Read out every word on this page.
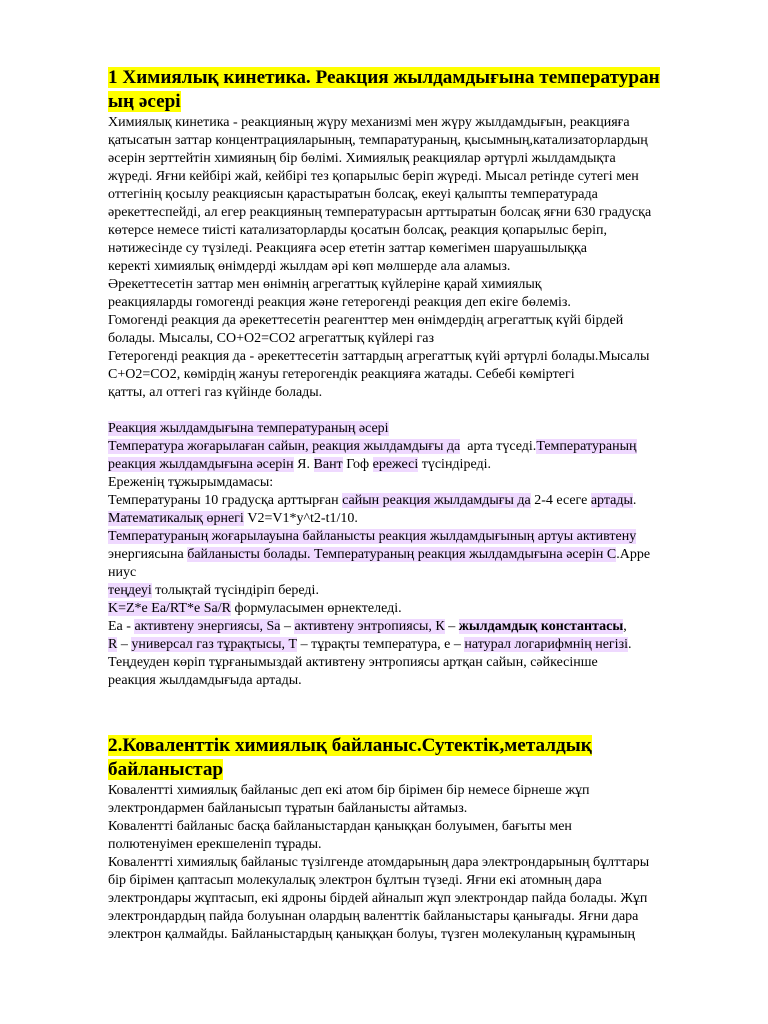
1 Химиялық кинетика. Реакция жылдамдығына температуран
ың әсері
Химиялық кинетика - реакцияның жүру механизмі мен жүру жылдамдығын, реакцияға
қатысатын заттар концентрацияларының, темпаратураның, қысымның,катализаторлардың
әсерін зерттейтін химияның бір бөлімі. Химиялық реакциялар әртүрлі жылдамдықта
жүреді. Яғни кейбірі жай, кейбірі тез қопарылыс беріп жүреді. Мысал ретінде сутегі мен
оттегінің қосылу реакциясын қарастыратын болсақ, екеуі қалыпты температурада
әрекеттеспейді, ал егер реакцияның температурасын арттыратын болсақ яғни 630 градусқа
көтерсе немесе тиісті катализаторларды қосатын болсақ, реакция қопарылыс беріп,
нәтижесінде су түзіледі. Реакцияға әсер ететін заттар көмегімен шаруашылыққа
керекті химиялық өнімдерді жылдам әрі көп мөлшерде ала аламыз.
Әрекеттесетін заттар мен өнімнің агрегаттық күйлеріне қарай химиялық
реакцияларды гомогенді реакция және гетерогенді реакция деп екіге бөлеміз.
Гомогенді реакция да әрекеттесетін реагенттер мен өнімдердің агрегаттық күйі бірдей
болады. Мысалы, СО+О2=СО2 агрегаттық күйлері газ
Гетерогенді реакция да - әрекеттесетін заттардың агрегаттық күйі әртүрлі болады.Мысалы
С+О2=СО2, көмірдің жануы гетерогендік реакцияға жатады. Себебі көміртегі
қатты, ал оттегі газ күйінде болады.
Реакция жылдамдығына температураның әсері
Температура жоғарылаған сайын, реакция жылдамдығы да арта түседі.Температураның
реакция жылдамдығына әсерін Я. Вант Гоф ережесі түсіндіреді.
Ереженің тұжырымдамасы:
Температураны 10 градусқа арттырған сайын реакция жылдамдығы да 2-4 есеге артады.
Математикалық өрнегі V2=V1*y^t2-t1/10.
Температураның жоғарылауына байланысты реакция жылдамдығының артуы активтену
энергиясына байланысты болады. Температураның реакция жылдамдығына әсерін С.Арре
ниус
теңдеуі толықтай түсіндіріп береді.
K=Z*e Ea/RT*e Sa/R формуласымен өрнектеледі.
Еа - активтену энергиясы, Sa – активтену энтропиясы, К – жылдамдық константасы,
R – универсал газ тұрақтысы, Т – тұрақты температура, е – натурал логарифмнің негізі.
Теңдеуден көріп тұрғанымыздай активтену энтропиясы артқан сайын, сәйкесінше
реакция жылдамдығыда артады.
2.Коваленттік химиялық байланыс.Сутектік,металдық
байланыстар
Ковалентті химиялық байланыс деп екі атом бір бірімен бір немесе бірнеше жұп
электрондармен байланысып тұратын байланысты айтамыз.
Ковалентті байланыс басқа байланыстардан қаныққан болуымен, бағыты мен
полютенуімен ерекшеленіп тұрады.
Ковалентті химиялық байланыс түзілгенде атомдарының дара электрондарының бұлттары
бір бірімен қаптасып молекулалық электрон бұлтын түзеді. Яғни екі атомның дара
электрондары жұптасып, екі ядроны бірдей айналып жұп электрондар пайда болады. Жұп
электрондардың пайда болуынан олардың валенттік байланыстары қанығады. Яғни дара
электрон қалмайды. Байланыстардың қаныққан болуы, түзген молекуланың құрамының
